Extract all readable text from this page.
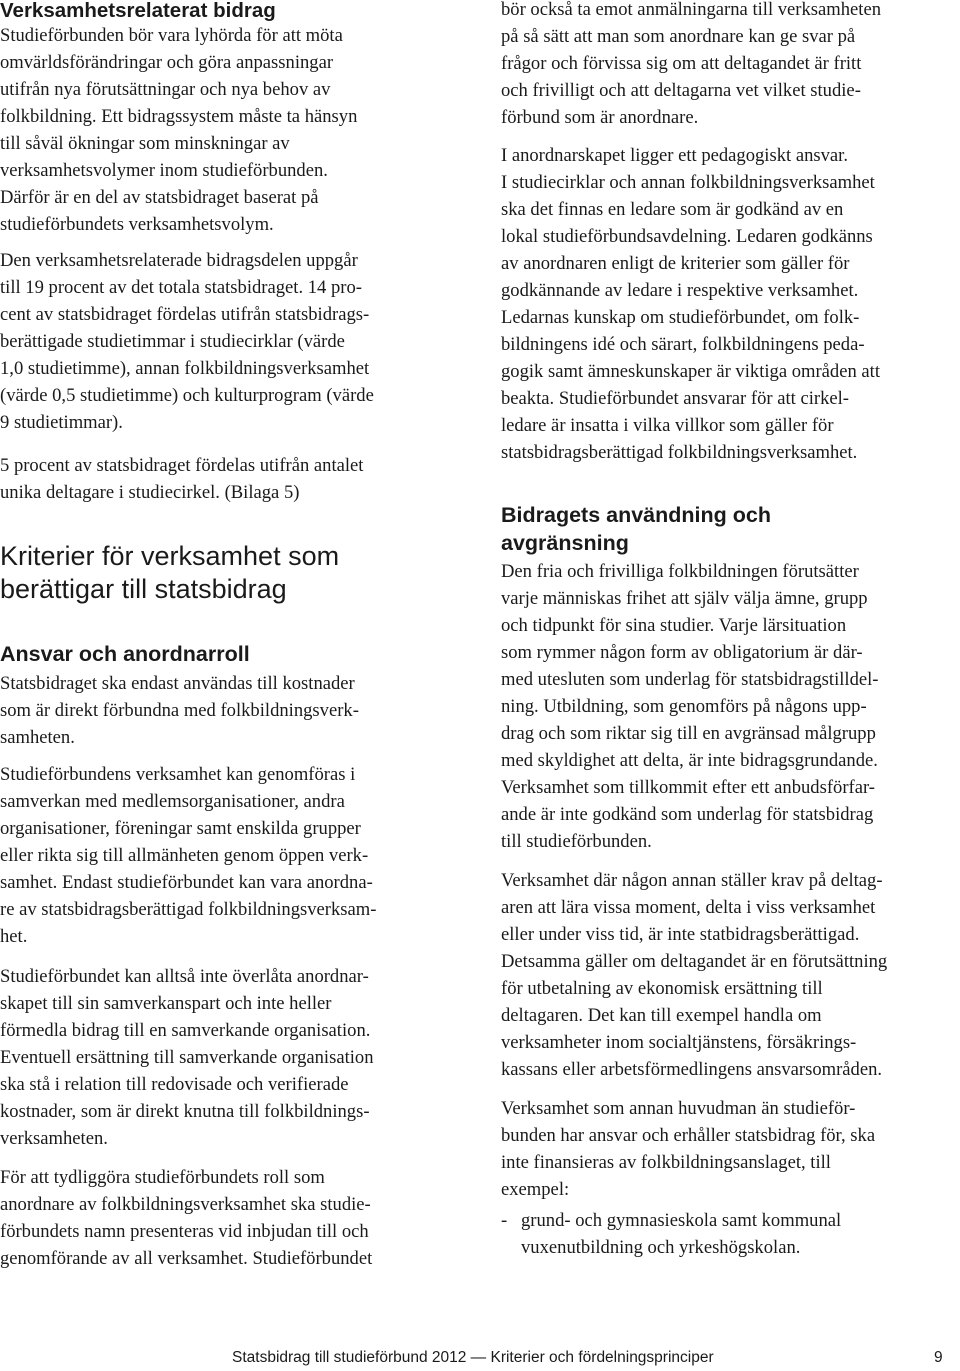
Verksamhetsrelaterat bidrag
Studieförbunden bör vara lyhörda för att möta
omvärldsförändringar och göra anpassningar
utifrån nya förutsättningar och nya behov av
folkbildning. Ett bidragssystem måste ta hänsyn
till såväl ökningar som minskningar av
verksamhetsvolymer inom studieförbunden.
Därför är en del av statsbidraget baserat på
studieförbundets verksamhetsvolym.
Den verksamhetsrelaterade bidragsdelen uppgår
till 19 procent av det totala statsbidraget. 14 pro-
cent av statsbidraget fördelas utifrån statsbidrags-
berättigade studietimmar i studiecirklar (värde
1,0 studietimme), annan folkbildningsverksamhet
(värde 0,5 studietimme) och kulturprogram (värde
9 studietimmar).
5 procent av statsbidraget fördelas utifrån antalet
unika deltagare i studiecirkel. (Bilaga 5)
Kriterier för verksamhet som
berättigar till statsbidrag
Ansvar och anordnarroll
Statsbidraget ska endast användas till kostnader
som är direkt förbundna med folkbildningsverk-
samheten.
Studieförbundens verksamhet kan genomföras i
samverkan med medlemsorganisationer, andra
organisationer, föreningar samt enskilda grupper
eller rikta sig till allmänheten genom öppen verk-
samhet. Endast studieförbundet kan vara anordna-
re av statsbidragsberättigad folkbildningsverksam-
het.
Studieförbundet kan alltså inte överlåta anordnar-
skapet till sin samverkanspart och inte heller
förmedla bidrag till en samverkande organisation.
Eventuell ersättning till samverkande organisation
ska stå i relation till redovisade och verifierade
kostnader, som är direkt knutna till folkbildnings-
verksamheten.
För att tydliggöra studieförbundets roll som
anordnare av folkbildningsverksamhet ska studie-
förbundets namn presenteras vid inbjudan till och
genomförande av all verksamhet. Studieförbundet
bör också ta emot anmälningarna till verksamheten
på så sätt att man som anordnare kan ge svar på
frågor och förvissa sig om att deltagandet är fritt
och frivilligt och att deltagarna vet vilket studie-
förbund som är anordnare.
I anordnarskapet ligger ett pedagogiskt ansvar.
I studiecirklar och annan folkbildningsverksamhet
ska det finnas en ledare som är godkänd av en
lokal studieförbundsavdelning. Ledaren godkänns
av anordnaren enligt de kriterier som gäller för
godkännande av ledare i respektive verksamhet.
Ledarnas kunskap om studieförbundet, om folk-
bildningens idé och särart, folkbildningens peda-
gogik samt ämneskunskaper är viktiga områden att
beakta. Studieförbundet ansvarar för att cirkel-
ledare är insatta i vilka villkor som gäller för
statsbidragsberättigad folkbildningsverksamhet.
Bidragets användning och
avgränsning
Den fria och frivilliga folkbildningen förutsätter
varje människas frihet att själv välja ämne, grupp
och tidpunkt för sina studier. Varje lärsituation
som rymmer någon form av obligatorium är där-
med utesluten som underlag för statsbidragstilldel-
ning. Utbildning, som genomförs på någons upp-
drag och som riktar sig till en avgränsad målgrupp
med skyldighet att delta, är inte bidragsgrundande.
Verksamhet som tillkommit efter ett anbudsförfar-
ande är inte godkänd som underlag för statsbidrag
till studieförbunden.
Verksamhet där någon annan ställer krav på deltag-
aren att lära vissa moment, delta i viss verksamhet
eller under viss tid, är inte statbidragsberättigad.
Detsamma gäller om deltagandet är en förutsättning
för utbetalning av ekonomisk ersättning till
deltagaren. Det kan till exempel handla om
verksamheter inom socialtjänstens, försäkrings-
kassans eller arbetsförmedlingens ansvarsområden.
Verksamhet som annan huvudman än studieför-
bunden har ansvar och erhåller statsbidrag för, ska
inte finansieras av folkbildningsanslaget, till
exempel:
- grund- och gymnasieskola samt kommunal
vuxenutbildning och yrkeshögskolan.
Statsbidrag till studieförbund 2012 — Kriterier och fördelningsprinciper	9
